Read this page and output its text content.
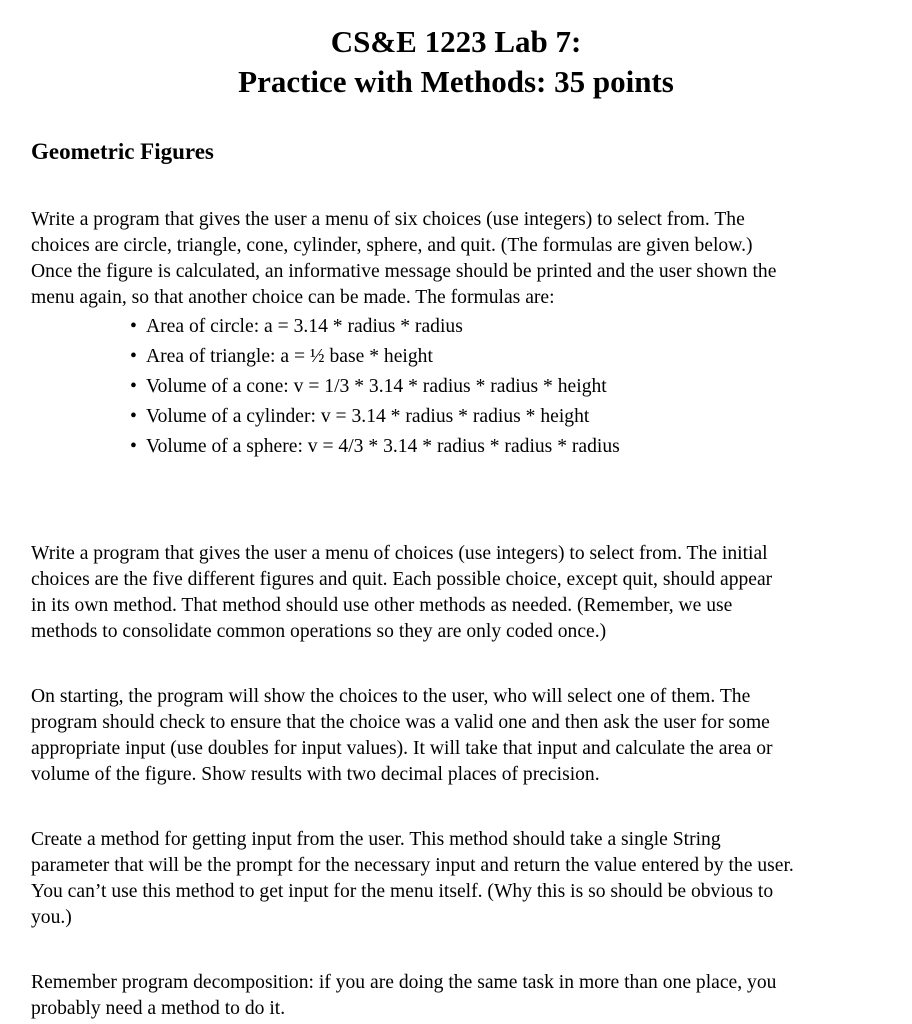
CS&E 1223 Lab 7:
Practice with Methods: 35 points
Geometric Figures
Write a program that gives the user a menu of six choices (use integers) to select from. The
choices are circle, triangle, cone, cylinder, sphere, and quit. (The formulas are given below.)
Once the figure is calculated, an informative message should be printed and the user shown the
menu again, so that another choice can be made. The formulas are:
• Area of circle: a = 3.14 * radius * radius
• Area of triangle: a = ½ base * height
• Volume of a cone: v = 1/3 * 3.14 * radius * radius * height
• Volume of a cylinder: v = 3.14 * radius * radius * height
• Volume of a sphere: v = 4/3 * 3.14 * radius * radius * radius
Write a program that gives the user a menu of choices (use integers) to select from. The initial
choices are the five different figures and quit. Each possible choice, except quit, should appear
in its own method. That method should use other methods as needed. (Remember, we use
methods to consolidate common operations so they are only coded once.)
On starting, the program will show the choices to the user, who will select one of them. The
program should check to ensure that the choice was a valid one and then ask the user for some
appropriate input (use doubles for input values). It will take that input and calculate the area or
volume of the figure. Show results with two decimal places of precision.
Create a method for getting input from the user. This method should take a single String
parameter that will be the prompt for the necessary input and return the value entered by the user.
You can’t use this method to get input for the menu itself. (Why this is so should be obvious to
you.)
Remember program decomposition: if you are doing the same task in more than one place, you
probably need a method to do it.
